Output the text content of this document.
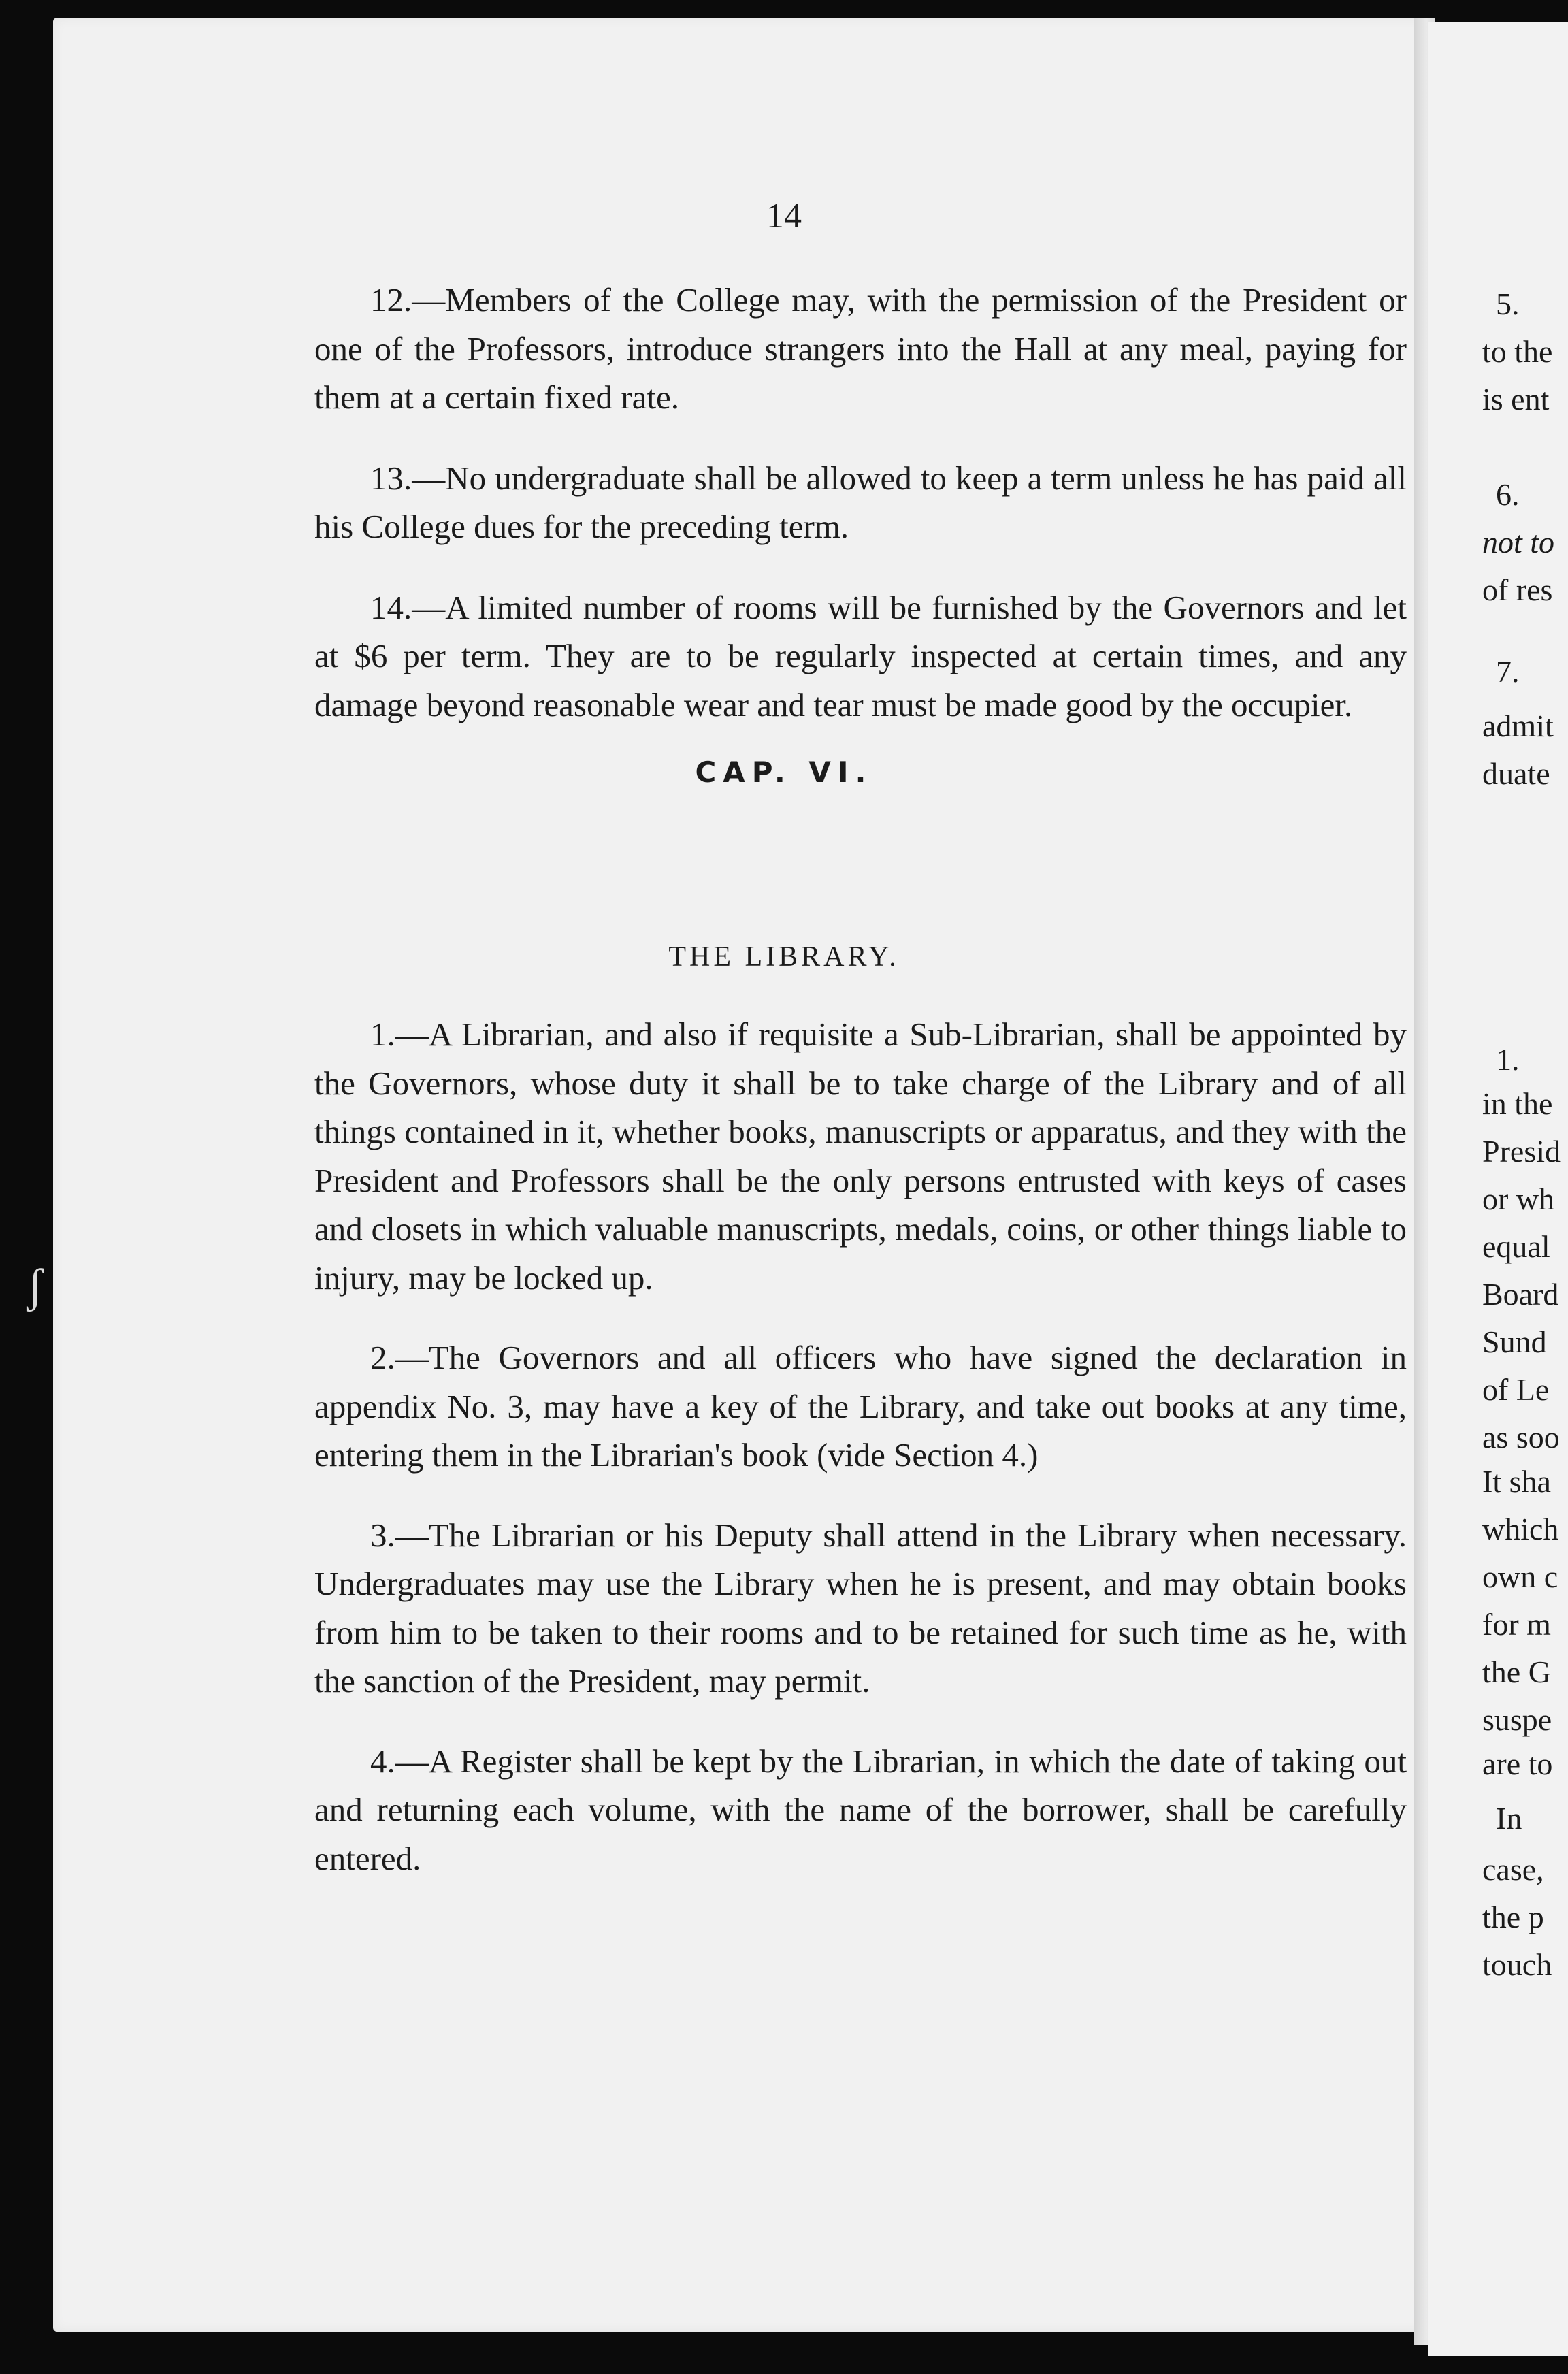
ʃ
14

12.—Members of the College may, with the permission of the President or one of the Professors, introduce strangers into the Hall at any meal, paying for them at a certain fixed rate.

13.—No undergraduate shall be allowed to keep a term unless he has paid all his College dues for the preceding term.

14.—A limited number of rooms will be furnished by the Governors and let at $6 per term. They are to be regularly inspected at certain times, and any damage beyond reasonable wear and tear must be made good by the occupier.

CAP. VI.
THE LIBRARY.

1.—A Librarian, and also if requisite a Sub-Librarian, shall be appointed by the Governors, whose duty it shall be to take charge of the Library and of all things contained in it, whether books, manuscripts or apparatus, and they with the President and Professors shall be the only persons entrusted with keys of cases and closets in which valuable manuscripts, medals, coins, or other things liable to injury, may be locked up.

2.—The Governors and all officers who have signed the declaration in appendix No. 3, may have a key of the Library, and take out books at any time, entering them in the Librarian's book (vide Section 4.)

3.—The Librarian or his Deputy shall attend in the Library when necessary. Undergraduates may use the Library when he is present, and may obtain books from him to be taken to their rooms and to be retained for such time as he, with the sanction of the President, may permit.

4.—A Register shall be kept by the Librarian, in which the date of taking out and returning each volume, with the name of the borrower, shall be carefully entered.

5.
to the
is ent
6.
not to
of res
7.
admit
duate
1.
in the
Presid
or wh
equal
Board
Sund
of Le
as soo
It sha
which
own c
for m
the G
suspe
are to
In
case,
the p
touch
